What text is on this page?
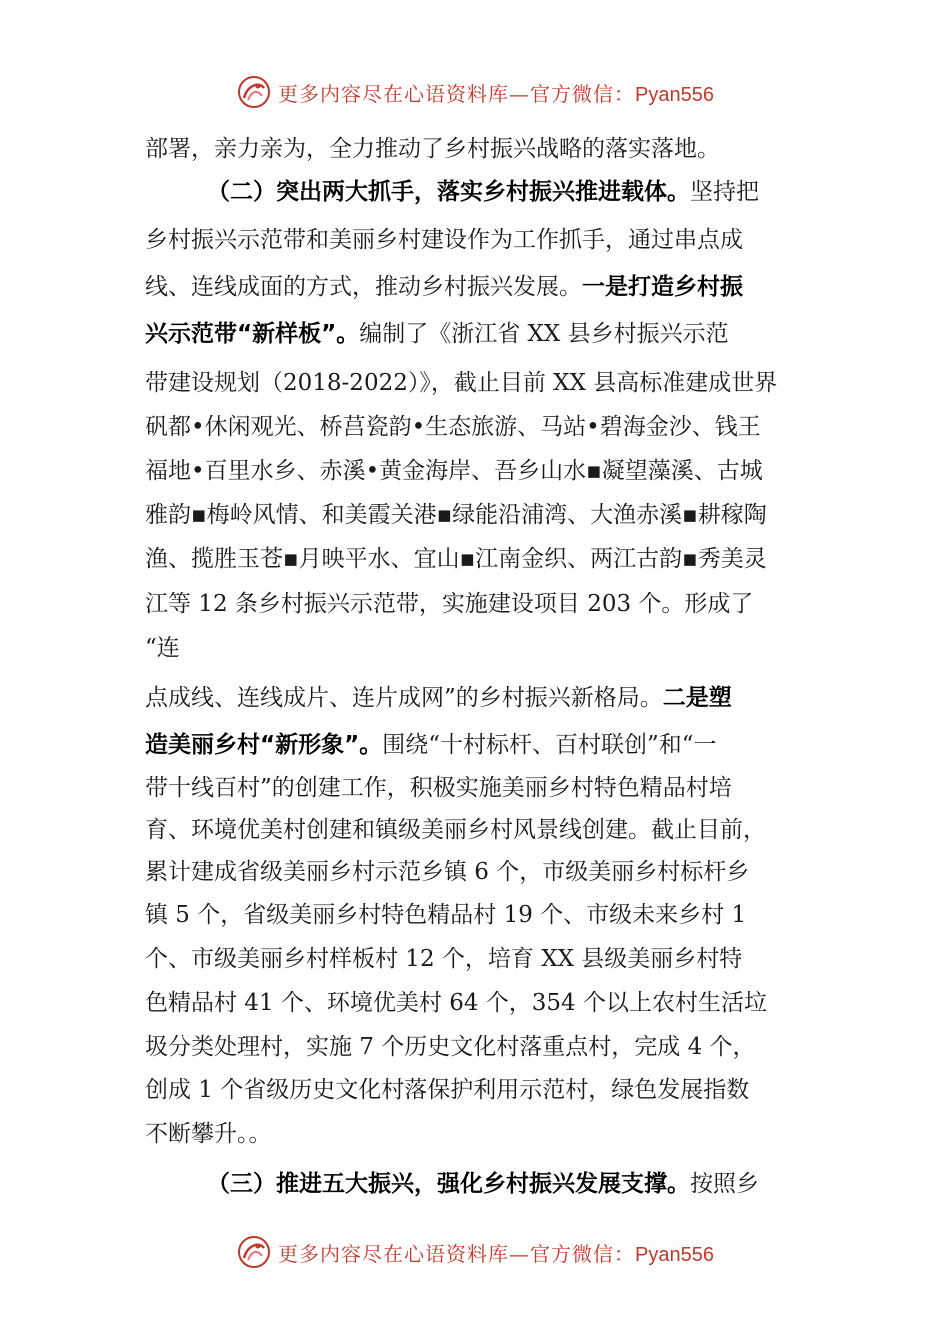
更多内容尽在心语资料库—官方微信：Pyan556
部署，亲力亲为，全力推动了乡村振兴战略的落实落地。
（二）突出两大抓手，落实乡村振兴推进载体。坚持把
乡村振兴示范带和美丽乡村建设作为工作抓手，通过串点成
线、连线成面的方式，推动乡村振兴发展。一是打造乡村振
兴示范带“新样板”。编制了《浙江省 XX 县乡村振兴示范
带建设规划（2018-2022）》，截止目前 XX 县高标准建成世界
矾都•休闲观光、桥莒瓷韵•生态旅游、马站•碧海金沙、钱王
福地•百里水乡、赤溪•黄金海岸、吾乡山水▪凝望藻溪、古城
雅韵▪梅岭风情、和美霞关港▪绿能沿浦湾、大渔赤溪▪耕稼陶
渔、揽胜玉苍▪月映平水、宜山▪江南金织、两江古韵▪秀美灵
江等 12 条乡村振兴示范带，实施建设项目 203 个。形成了
“连
点成线、连线成片、连片成网”的乡村振兴新格局。二是塑
造美丽乡村“新形象”。围绕“十村标杆、百村联创”和“一
带十线百村”的创建工作，积极实施美丽乡村特色精品村培
育、环境优美村创建和镇级美丽乡村风景线创建。截止目前，
累计建成省级美丽乡村示范乡镇 6 个，市级美丽乡村标杆乡
镇 5 个，省级美丽乡村特色精品村 19 个、市级未来乡村 1
个、市级美丽乡村样板村 12 个，培育 XX 县级美丽乡村特
色精品村 41 个、环境优美村 64 个，354 个以上农村生活垃
圾分类处理村，实施 7 个历史文化村落重点村，完成 4 个，
创成 1 个省级历史文化村落保护利用示范村，绿色发展指数
不断攀升。。
（三）推进五大振兴，强化乡村振兴发展支撑。按照乡
更多内容尽在心语资料库—官方微信：Pyan556
